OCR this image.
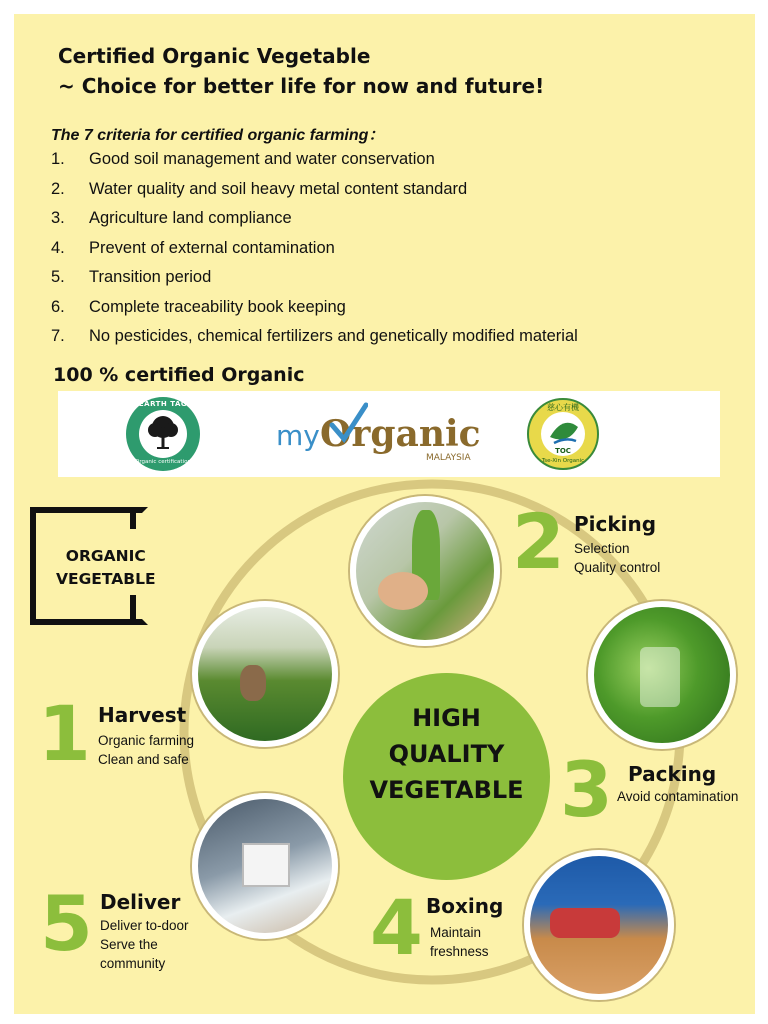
Certified Organic Vegetable
~ Choice for better life for now and future!
The 7 criteria for certified organic farming：
1. Good soil management and water conservation
2. Water quality and soil heavy metal content standard
3. Agriculture land compliance
4. Prevent of external contamination
5. Transition period
6. Complete traceability book keeping
7. No pesticides, chemical fertilizers and genetically modified material
100 % certified Organic
EARTH TAG
Organic certification
my Organic
MALAYSIA
慈心有機
TOC
Tse-Xin Organic
ORGANIC
VEGETABLE
HIGH
QUALITY
VEGETABLE
1 Harvest
Organic farming
Clean and safe
2 Picking
Selection
Quality control
3 Packing
Avoid contamination
4 Boxing
Maintain
freshness
5 Deliver
Deliver to-door
Serve the
community
